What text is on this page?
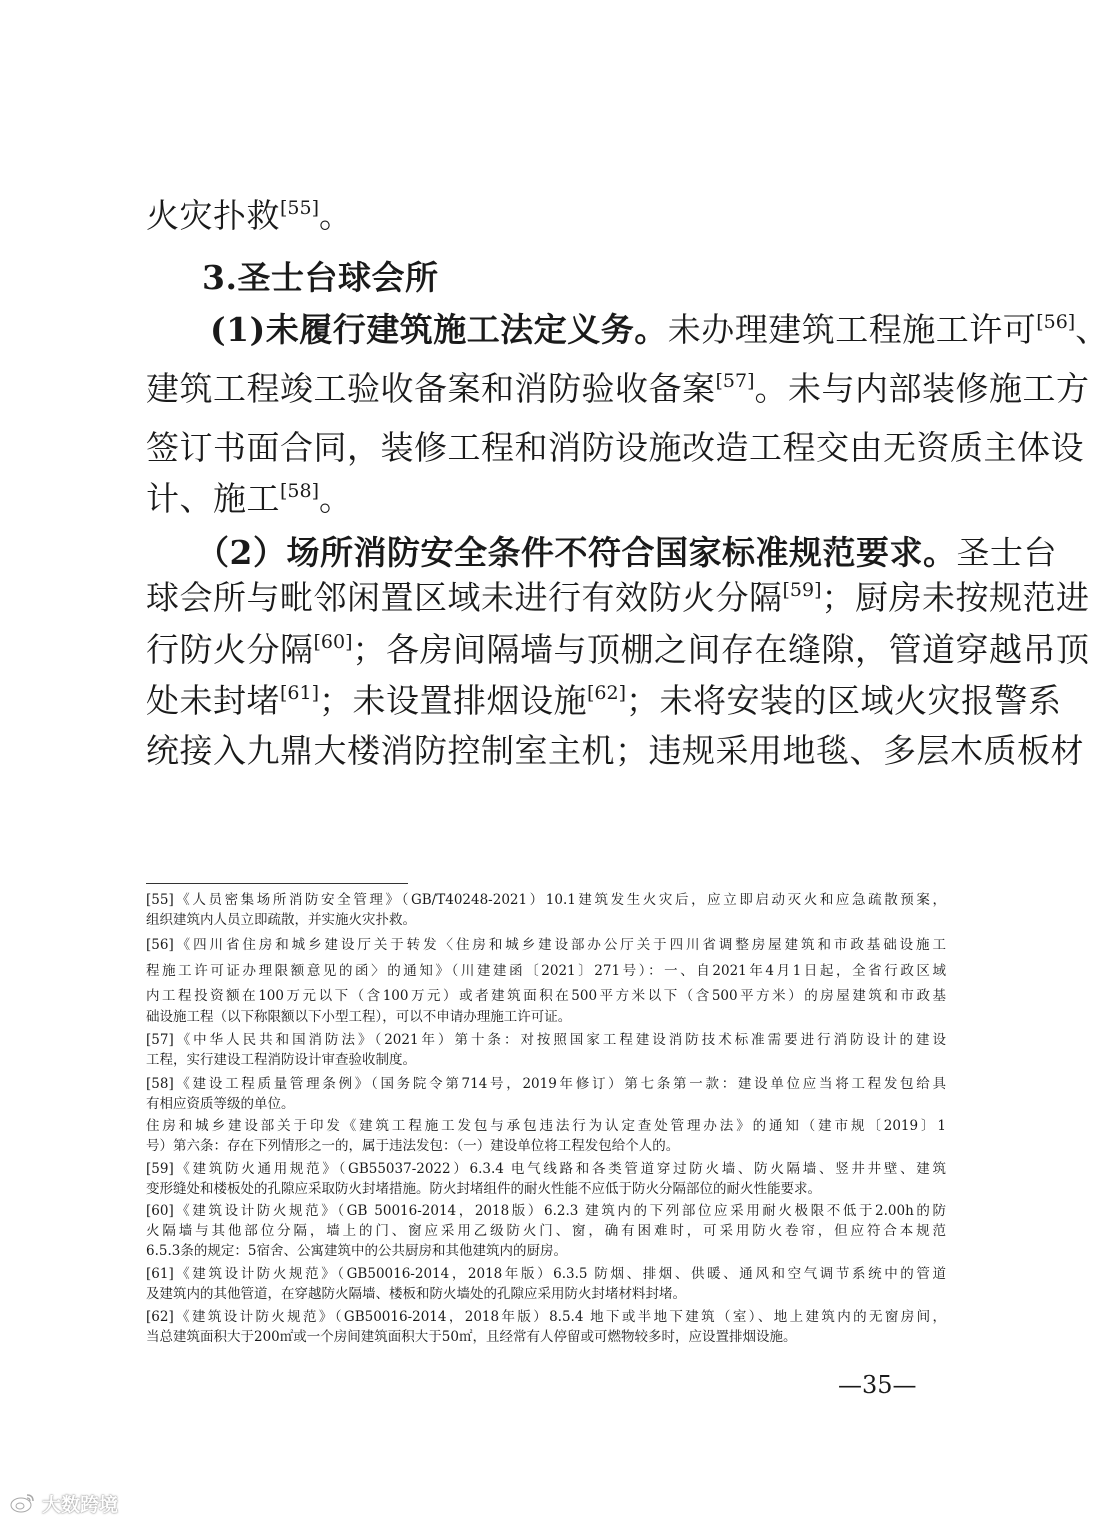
火灾扑救[55]。
3.圣士台球会所
(1)未履行建筑施工法定义务。未办理建筑工程施工许可[56]、
建筑工程竣工验收备案和消防验收备案[57]。未与内部装修施工方
签订书面合同，装修工程和消防设施改造工程交由无资质主体设
计、施工[58]。
（2）场所消防安全条件不符合国家标准规范要求。圣士台
球会所与毗邻闲置区域未进行有效防火分隔[59]；厨房未按规范进
行防火分隔[60]；各房间隔墙与顶棚之间存在缝隙，管道穿越吊顶
处未封堵[61]；未设置排烟设施[62]；未将安装的区域火灾报警系
统接入九鼎大楼消防控制室主机；违规采用地毯、多层木质板材
[55]《人员密集场所消防安全管理》（GB/T40248-2021）10.1建筑发生火灾后，应立即启动灭火和应急疏散预案，
组织建筑内人员立即疏散，并实施火灾扑救。
[56]《四川省住房和城乡建设厅关于转发〈住房和城乡建设部办公厅关于四川省调整房屋建筑和市政基础设施工
程施工许可证办理限额意见的函〉的通知》（川建建函〔2021〕271号）：一、自2021年4月1日起，全省行政区域
内工程投资额在100万元以下（含100万元）或者建筑面积在500平方米以下（含500平方米）的房屋建筑和市政基
础设施工程（以下称限额以下小型工程），可以不申请办理施工许可证。
[57]《中华人民共和国消防法》（2021年）第十条：对按照国家工程建设消防技术标准需要进行消防设计的建设
工程，实行建设工程消防设计审查验收制度。
[58]《建设工程质量管理条例》（国务院令第714号，2019年修订）第七条第一款：建设单位应当将工程发包给具
有相应资质等级的单位。
住房和城乡建设部关于印发《建筑工程施工发包与承包违法行为认定查处管理办法》的通知（建市规〔2019〕1
号）第六条：存在下列情形之一的，属于违法发包：（一）建设单位将工程发包给个人的。
[59]《建筑防火通用规范》（GB55037-2022）6.3.4 电气线路和各类管道穿过防火墙、防火隔墙、竖井井壁、建筑
变形缝处和楼板处的孔隙应采取防火封堵措施。防火封堵组件的耐火性能不应低于防火分隔部位的耐火性能要求。
[60]《建筑设计防火规范》（GB 50016-2014，2018版）6.2.3 建筑内的下列部位应采用耐火极限不低于2.00h的防
火隔墙与其他部位分隔，墙上的门、窗应采用乙级防火门、窗，确有困难时，可采用防火卷帘，但应符合本规范
6.5.3条的规定：5宿舍、公寓建筑中的公共厨房和其他建筑内的厨房。
[61]《建筑设计防火规范》（GB50016-2014，2018年版）6.3.5 防烟、排烟、供暖、通风和空气调节系统中的管道
及建筑内的其他管道，在穿越防火隔墙、楼板和防火墙处的孔隙应采用防火封堵材料封堵。
[62]《建筑设计防火规范》（GB50016-2014，2018年版）8.5.4 地下或半地下建筑（室）、地上建筑内的无窗房间，
当总建筑面积大于200㎡或一个房间建筑面积大于50㎡，且经常有人停留或可燃物较多时，应设置排烟设施。
—35—
大数跨境
